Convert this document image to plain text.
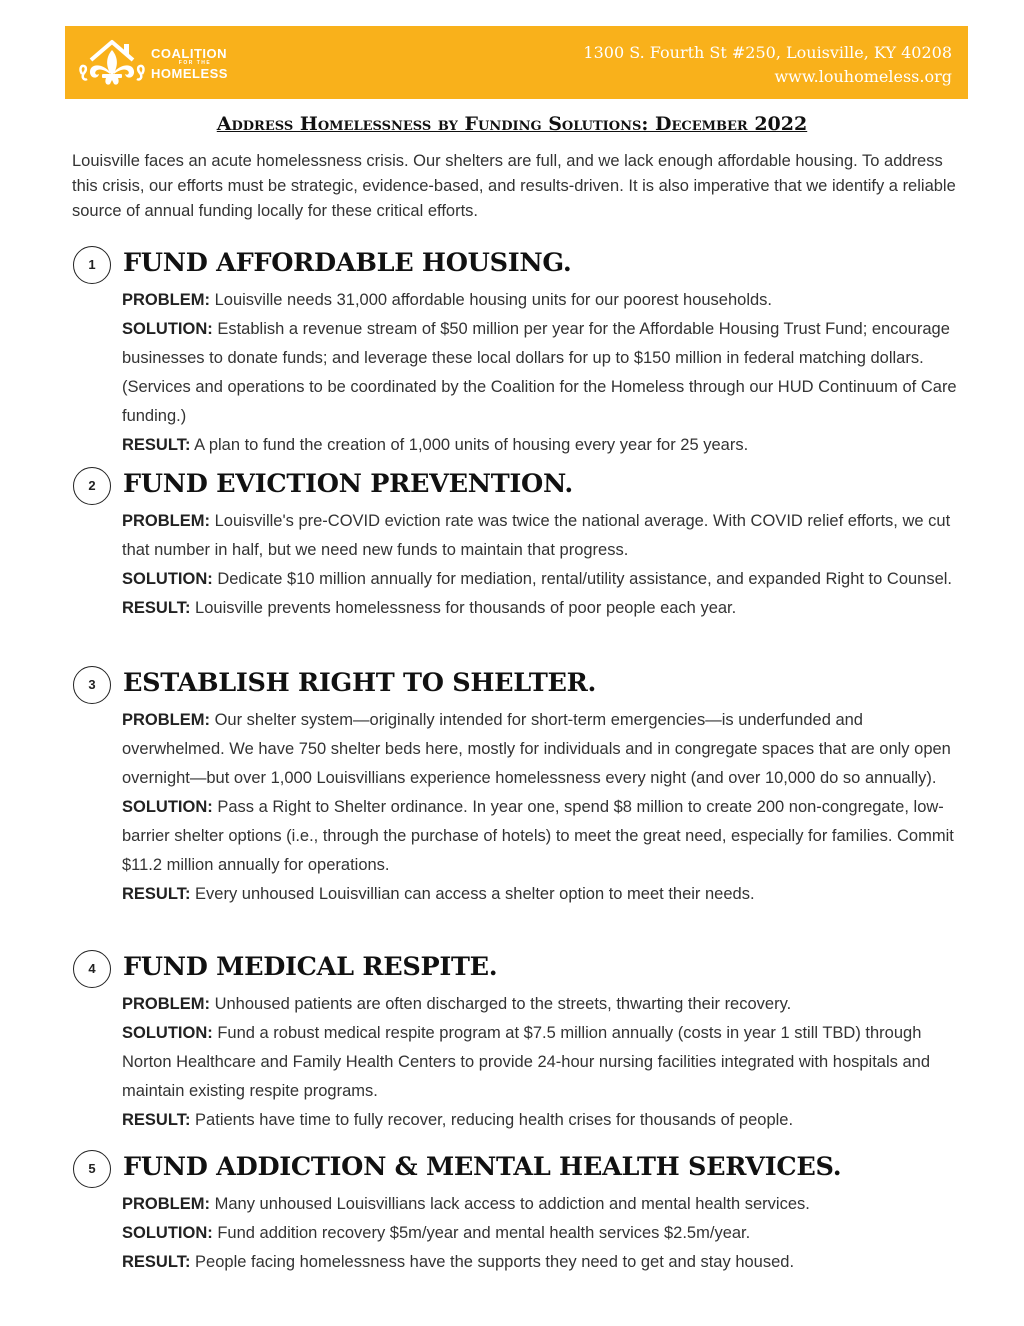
COALITION
FOR THE
HOMELESS
1300 S. Fourth St #250, Louisville, KY 40208
www.louhomeless.org
Address Homelessness by Funding Solutions: December 2022
Louisville faces an acute homelessness crisis. Our shelters are full, and we lack enough affordable housing. To address this crisis, our efforts must be strategic, evidence-based, and results-driven. It is also imperative that we identify a reliable source of annual funding locally for these critical efforts.
1	FUND AFFORDABLE HOUSING.

PROBLEM: Louisville needs 31,000 affordable housing units for our poorest households.

SOLUTION: Establish a revenue stream of $50 million per year for the Affordable Housing Trust Fund; encourage businesses to donate funds; and leverage these local dollars for up to $150 million in federal matching dollars. (Services and operations to be coordinated by the Coalition for the Homeless through our HUD Continuum of Care funding.)

RESULT: A plan to fund the creation of 1,000 units of housing every year for 25 years.

2	FUND EVICTION PREVENTION.

PROBLEM: Louisville's pre-COVID eviction rate was twice the national average. With COVID relief efforts, we cut that number in half, but we need new funds to maintain that progress.

SOLUTION: Dedicate $10 million annually for mediation, rental/utility assistance, and expanded Right to Counsel.

RESULT: Louisville prevents homelessness for thousands of poor people each year.

3	ESTABLISH RIGHT TO SHELTER.

PROBLEM: Our shelter system—originally intended for short-term emergencies—is underfunded and overwhelmed. We have 750 shelter beds here, mostly for individuals and in congregate spaces that are only open overnight—but over 1,000 Louisvillians experience homelessness every night (and over 10,000 do so annually).

SOLUTION: Pass a Right to Shelter ordinance. In year one, spend $8 million to create 200 non-congregate, low-barrier shelter options (i.e., through the purchase of hotels) to meet the great need, especially for families. Commit $11.2 million annually for operations.

RESULT: Every unhoused Louisvillian can access a shelter option to meet their needs.

4	FUND MEDICAL RESPITE.

PROBLEM: Unhoused patients are often discharged to the streets, thwarting their recovery.

SOLUTION: Fund a robust medical respite program at $7.5 million annually (costs in year 1 still TBD) through Norton Healthcare and Family Health Centers to provide 24-hour nursing facilities integrated with hospitals and maintain existing respite programs.

RESULT: Patients have time to fully recover, reducing health crises for thousands of people.

5	FUND ADDICTION & MENTAL HEALTH SERVICES.

PROBLEM: Many unhoused Louisvillians lack access to addiction and mental health services.

SOLUTION: Fund addition recovery $5m/year and mental health services $2.5m/year.

RESULT: People facing homelessness have the supports they need to get and stay housed.
